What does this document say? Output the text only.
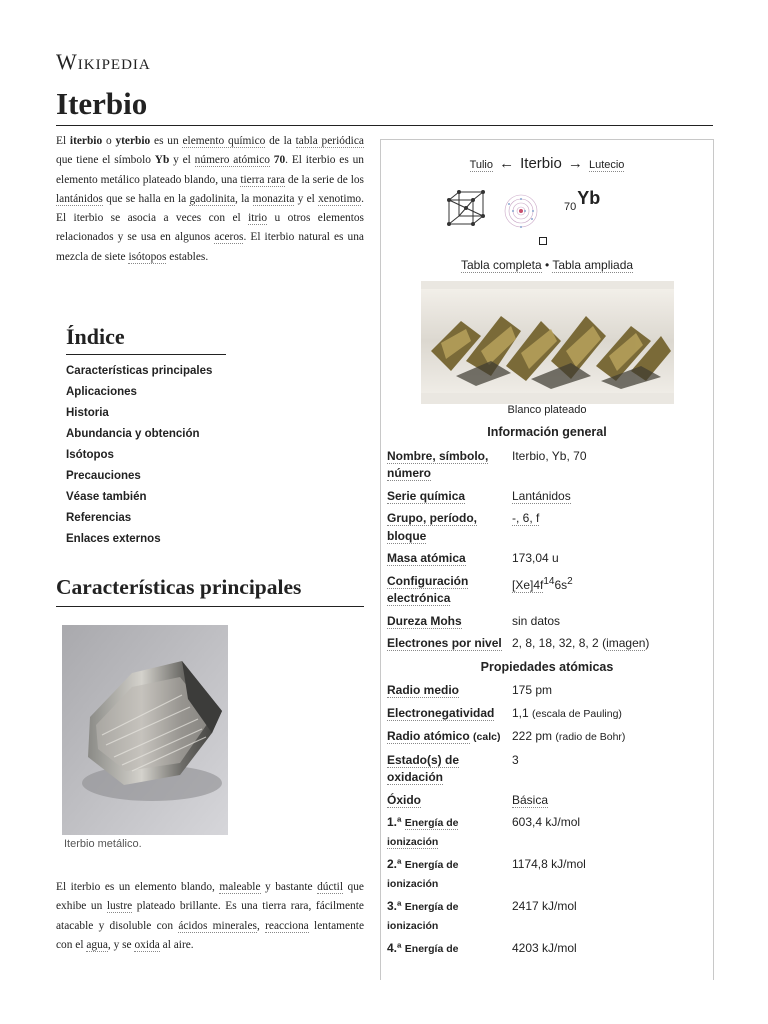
Wikipedia
Iterbio
El iterbio o yterbio es un elemento químico de la tabla periódica que tiene el símbolo Yb y el número atómico 70. El iterbio es un elemento metálico plateado blando, una tierra rara de la serie de los lantánidos que se halla en la gadolinita, la monazita y el xenotimo. El iterbio se asocia a veces con el itrio u otros elementos relacionados y se usa en algunos aceros. El iterbio natural es una mezcla de siete isótopos estables.
Índice
Características principales
Aplicaciones
Historia
Abundancia y obtención
Isótopos
Precauciones
Véase también
Referencias
Enlaces externos
Características principales
Iterbio metálico.
El iterbio es un elemento blando, maleable y bastante dúctil que exhibe un lustre plateado brillante. Es una tierra rara, fácilmente atacable y disoluble con ácidos minerales, reacciona lentamente con el agua, y se oxida al aire.
Tulio ← Iterbio → Lutecio
$_{70}$Yb
Tabla completa • Tabla ampliada
Blanco plateado
Información general	
Nombre, símbolo, número	Iterbio, Yb, 70
Serie química	Lantánidos
Grupo, período, bloque	-, 6, f
Masa atómica	173,04 u
Configuración electrónica	$[Xe]4f^{14}6s^2$
Dureza Mohs	sin datos
Electrones por nivel	2, 8, 18, 32, 8, 2 (imagen)
Propiedades atómicas	
Radio medio	175 pm
Electronegatividad	1,1 (escala de Pauling)
Radio atómico (calc)	222 pm (radio de Bohr)
Estado(s) de oxidación	3
Óxido	Básica
1.ª Energía de ionización	603,4 kJ/mol
2.ª Energía de ionización	1174,8 kJ/mol
3.ª Energía de ionización	2417 kJ/mol
4.ª Energía de	4203 kJ/mol
